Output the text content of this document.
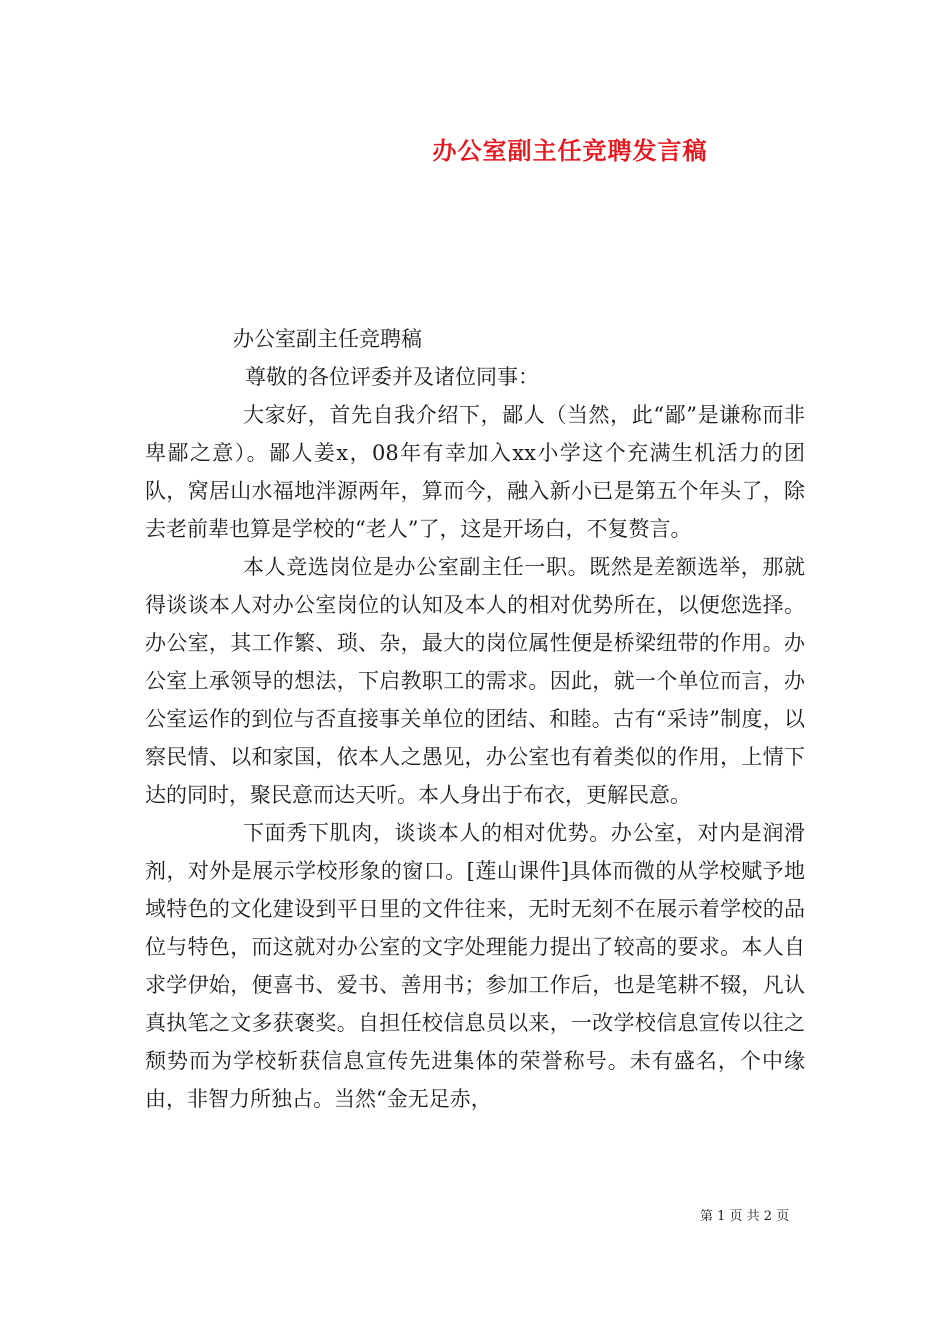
办公室副主任竞聘发言稿

办公室副主任竞聘稿

尊敬的各位评委并及诸位同事：

大家好，首先自我介绍下，鄙人（当然，此“鄙”是谦称而非卑鄙之意）。鄙人姜x，08年有幸加入xx小学这个充满生机活力的团队，窝居山水福地泮源两年，算而今，融入新小已是第五个年头了，除去老前辈也算是学校的“老人”了，这是开场白，不复赘言。

本人竞选岗位是办公室副主任一职。既然是差额选举，那就得谈谈本人对办公室岗位的认知及本人的相对优势所在，以便您选择。办公室，其工作繁、琐、杂，最大的岗位属性便是桥梁纽带的作用。办公室上承领导的想法，下启教职工的需求。因此，就一个单位而言，办公室运作的到位与否直接事关单位的团结、和睦。古有“采诗”制度，以察民情、以和家国，依本人之愚见，办公室也有着类似的作用，上情下达的同时，聚民意而达天听。本人身出于布衣，更解民意。

下面秀下肌肉，谈谈本人的相对优势。办公室，对内是润滑剂，对外是展示学校形象的窗口。[莲山课件]具体而微的从学校赋予地域特色的文化建设到平日里的文件往来，无时无刻不在展示着学校的品位与特色，而这就对办公室的文字处理能力提出了较高的要求。本人自求学伊始，便喜书、爱书、善用书；参加工作后，也是笔耕不辍，凡认真执笔之文多获褒奖。自担任校信息员以来，一改学校信息宣传以往之颓势而为学校斩获信息宣传先进集体的荣誉称号。未有盛名，个中缘由，非智力所独占。当然“金无足赤，

第 1 页 共 2 页
